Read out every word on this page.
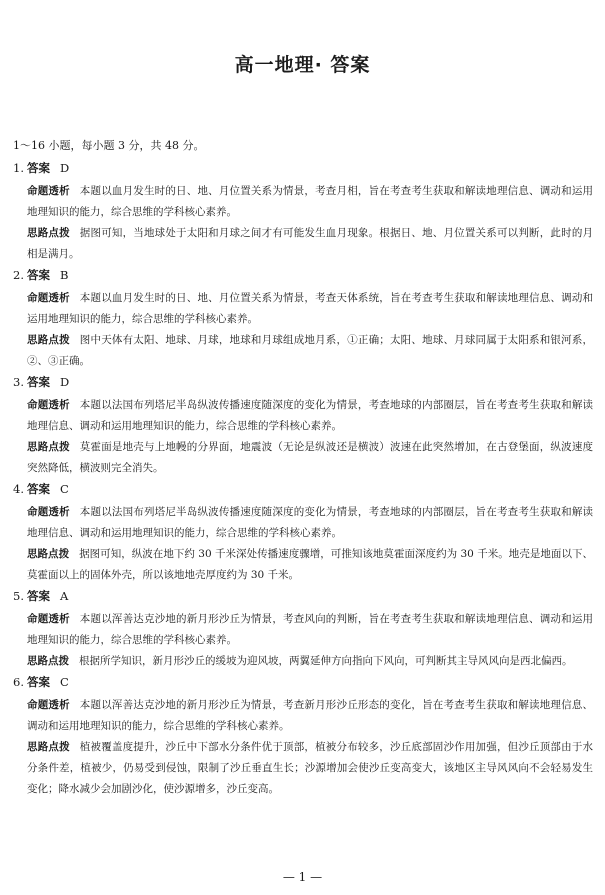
高一地理· 答案
1～16 小题，每小题 3 分，共 48 分。
1. 答案 D
命题透析 本题以血月发生时的日、地、月位置关系为情景，考查月相，旨在考查考生获取和解读地理信息、调动和运用地理知识的能力，综合思维的学科核心素养。
思路点拨 据图可知，当地球处于太阳和月球之间才有可能发生血月现象。根据日、地、月位置关系可以判断，此时的月相是满月。
2. 答案 B
命题透析 本题以血月发生时的日、地、月位置关系为情景，考查天体系统，旨在考查考生获取和解读地理信息、调动和运用地理知识的能力，综合思维的学科核心素养。
思路点拨 图中天体有太阳、地球、月球，地球和月球组成地月系，①正确；太阳、地球、月球同属于太阳系和银河系，②、③正确。
3. 答案 D
命题透析 本题以法国布列塔尼半岛纵波传播速度随深度的变化为情景，考查地球的内部圈层，旨在考查考生获取和解读地理信息、调动和运用地理知识的能力，综合思维的学科核心素养。
思路点拨 莫霍面是地壳与上地幔的分界面，地震波（无论是纵波还是横波）波速在此突然增加，在古登堡面，纵波速度突然降低，横波则完全消失。
4. 答案 C
命题透析 本题以法国布列塔尼半岛纵波传播速度随深度的变化为情景，考查地球的内部圈层，旨在考查考生获取和解读地理信息、调动和运用地理知识的能力，综合思维的学科核心素养。
思路点拨 据图可知，纵波在地下约 30 千米深处传播速度骤增，可推知该地莫霍面深度约为 30 千米。地壳是地面以下、莫霍面以上的固体外壳，所以该地地壳厚度约为 30 千米。
5. 答案 A
命题透析 本题以浑善达克沙地的新月形沙丘为情景，考查风向的判断，旨在考查考生获取和解读地理信息、调动和运用地理知识的能力，综合思维的学科核心素养。
思路点拨 根据所学知识，新月形沙丘的缓坡为迎风坡，两翼延伸方向指向下风向，可判断其主导风风向是西北偏西。
6. 答案 C
命题透析 本题以浑善达克沙地的新月形沙丘为情景，考查新月形沙丘形态的变化，旨在考查考生获取和解读地理信息、调动和运用地理知识的能力，综合思维的学科核心素养。
思路点拨 植被覆盖度提升，沙丘中下部水分条件优于顶部，植被分布较多，沙丘底部固沙作用加强，但沙丘顶部由于水分条件差，植被少，仍易受到侵蚀，限制了沙丘垂直生长；沙源增加会使沙丘变高变大，该地区主导风风向不会轻易发生变化；降水减少会加剧沙化，使沙源增多，沙丘变高。
— 1 —
